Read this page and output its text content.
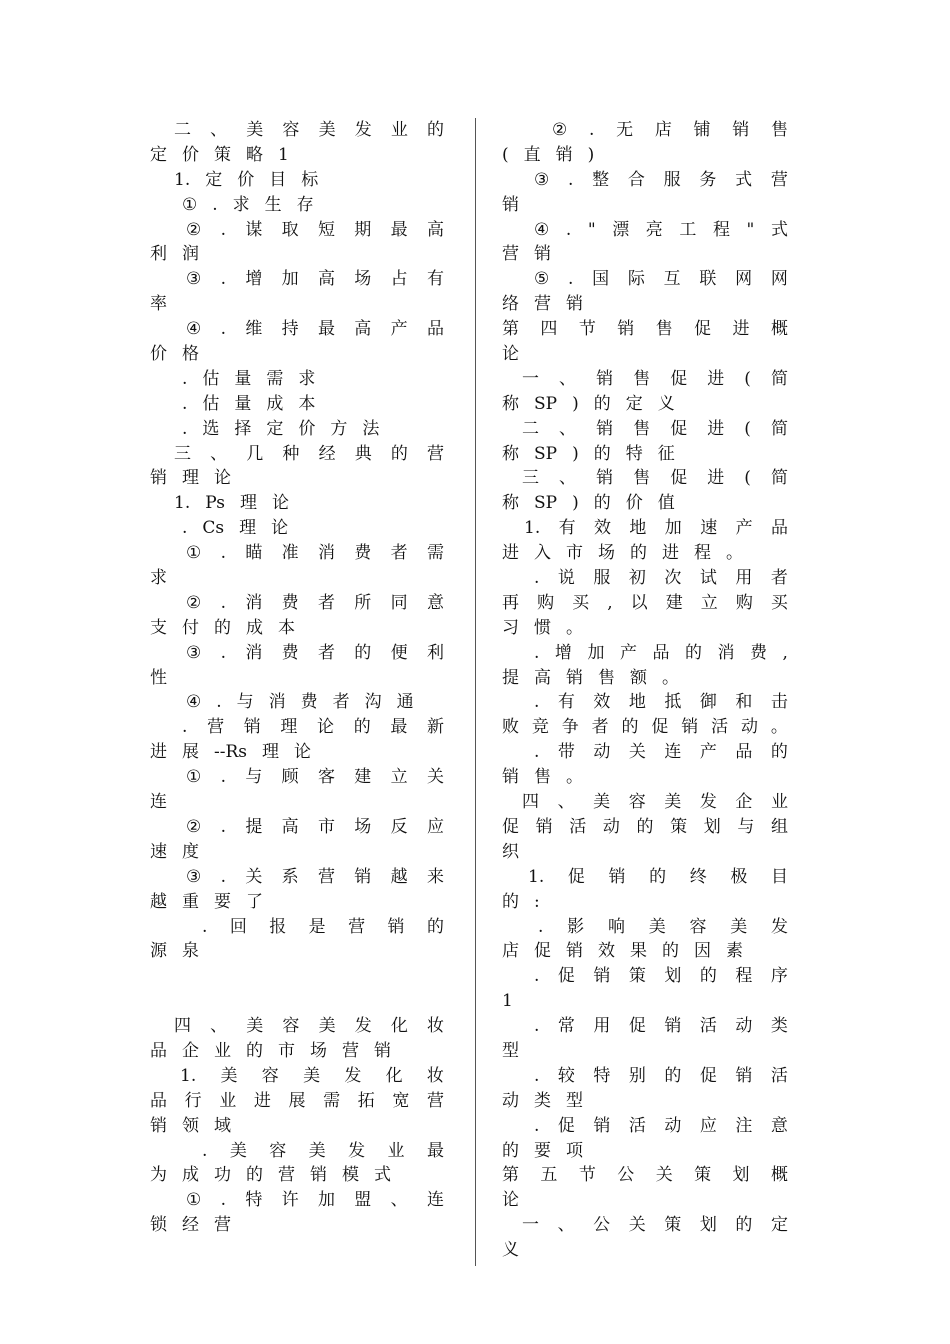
二 、 美 容 美 发 业 的
定 价 策 略 1
1. 定 价 目 标
① . 求 生 存
② . 谋 取 短 期 最 高
利 润
③ . 增 加 高 场 占 有
率
④ . 维 持 最 高 产 品
价 格
. 估 量 需 求
. 估 量 成 本
. 选 择 定 价 方 法
三 、 几 种 经 典 的 营
销 理 论
1. Ps 理 论
. Cs 理 论
① . 瞄 准 消 费 者 需
求
② . 消 费 者 所 同 意
支 付 的 成 本
③ . 消 费 者 的 便 利
性
④ . 与 消 费 者 沟 通
. 营 销 理 论 的 最 新
进 展 --Rs 理 论
① . 与 顾 客 建 立 关
连
② . 提 高 市 场 反 应
速 度
③ . 关 系 营 销 越 来
越 重 要 了
. 回 报 是 营 销 的
源 泉
四 、 美 容 美 发 化 妆
品 企 业 的 市 场 营 销
1. 美 容 美 发 化 妆
品 行 业 进 展 需 拓 宽 营
销 领 域
. 美 容 美 发 业 最
为 成 功 的 营 销 模 式
① . 特 许 加 盟 、 连
锁 经 营
② . 无 店 铺 销 售
( 直 销 )
③ . 整 合 服 务 式 营
销
④ . " 漂 亮 工 程 " 式
营 销
⑤ . 国 际 互 联 网 网
络 营 销
第 四 节 销 售 促 进 概
论
一 、 销 售 促 进 ( 简
称 SP ) 的 定 义
二 、 销 售 促 进 ( 简
称 SP ) 的 特 征
三 、 销 售 促 进 ( 简
称 SP ) 的 价 值
1. 有 效 地 加 速 产 品
进 入 市 场 的 进 程 。
. 说 服 初 次 试 用 者
再 购 买 , 以 建 立 购 买
习 惯 。
. 增 加 产 品 的 消 费 ,
提 高 销 售 额 。
. 有 效 地 抵 御 和 击
败 竞 争 者 的 促 销 活 动 。
. 带 动 关 连 产 品 的
销 售 。
四 、 美 容 美 发 企 业
促 销 活 动 的 策 划 与 组
织
1. 促 销 的 终 极 目
的 :
. 影 响 美 容 美 发
店 促 销 效 果 的 因 素
. 促 销 策 划 的 程 序
1
. 常 用 促 销 活 动 类
型
. 较 特 别 的 促 销 活
动 类 型
. 促 销 活 动 应 注 意
的 要 项
第 五 节 公 关 策 划 概
论
一 、 公 关 策 划 的 定
义
